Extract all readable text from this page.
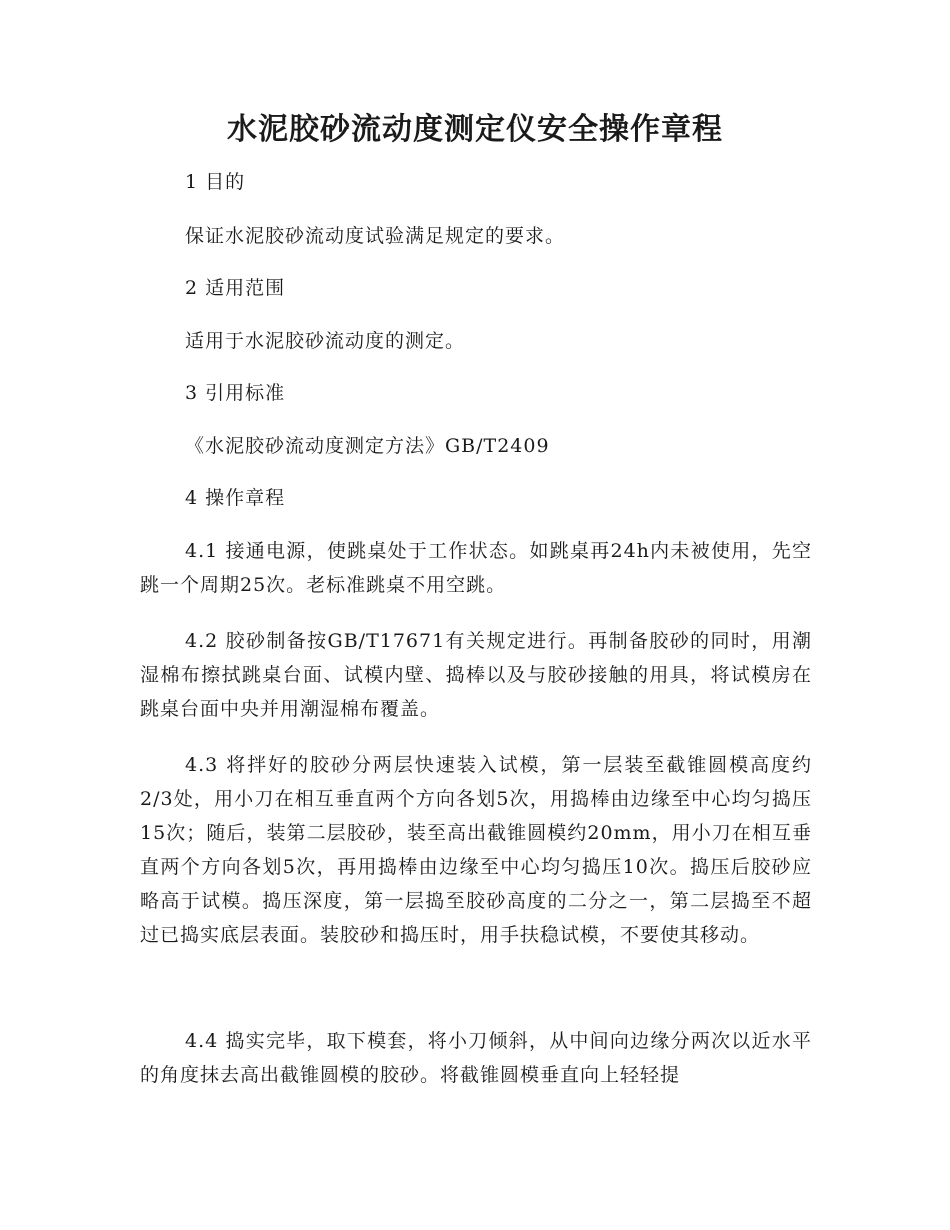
水泥胶砂流动度测定仪安全操作章程
1 目的
保证水泥胶砂流动度试验满足规定的要求。
2 适用范围
适用于水泥胶砂流动度的测定。
3 引用标准
《水泥胶砂流动度测定方法》GB/T2409
4 操作章程

4.1 接通电源，使跳桌处于工作状态。如跳桌再24h内未被使用，先空跳一个周期25次。老标准跳桌不用空跳。

4.2 胶砂制备按GB/T17671有关规定进行。再制备胶砂的同时，用潮湿棉布擦拭跳桌台面、试模内壁、捣棒以及与胶砂接触的用具，将试模房在跳桌台面中央并用潮湿棉布覆盖。

4.3 将拌好的胶砂分两层快速装入试模，第一层装至截锥圆模高度约2/3处，用小刀在相互垂直两个方向各划5次，用捣棒由边缘至中心均匀捣压15次；随后，装第二层胶砂，装至高出截锥圆模约20mm，用小刀在相互垂直两个方向各划5次，再用捣棒由边缘至中心均匀捣压10次。捣压后胶砂应略高于试模。捣压深度，第一层捣至胶砂高度的二分之一，第二层捣至不超过已捣实底层表面。装胶砂和捣压时，用手扶稳试模，不要使其移动。

4.4 捣实完毕，取下模套，将小刀倾斜，从中间向边缘分两次以近水平的角度抹去高出截锥圆模的胶砂。将截锥圆模垂直向上轻轻提
